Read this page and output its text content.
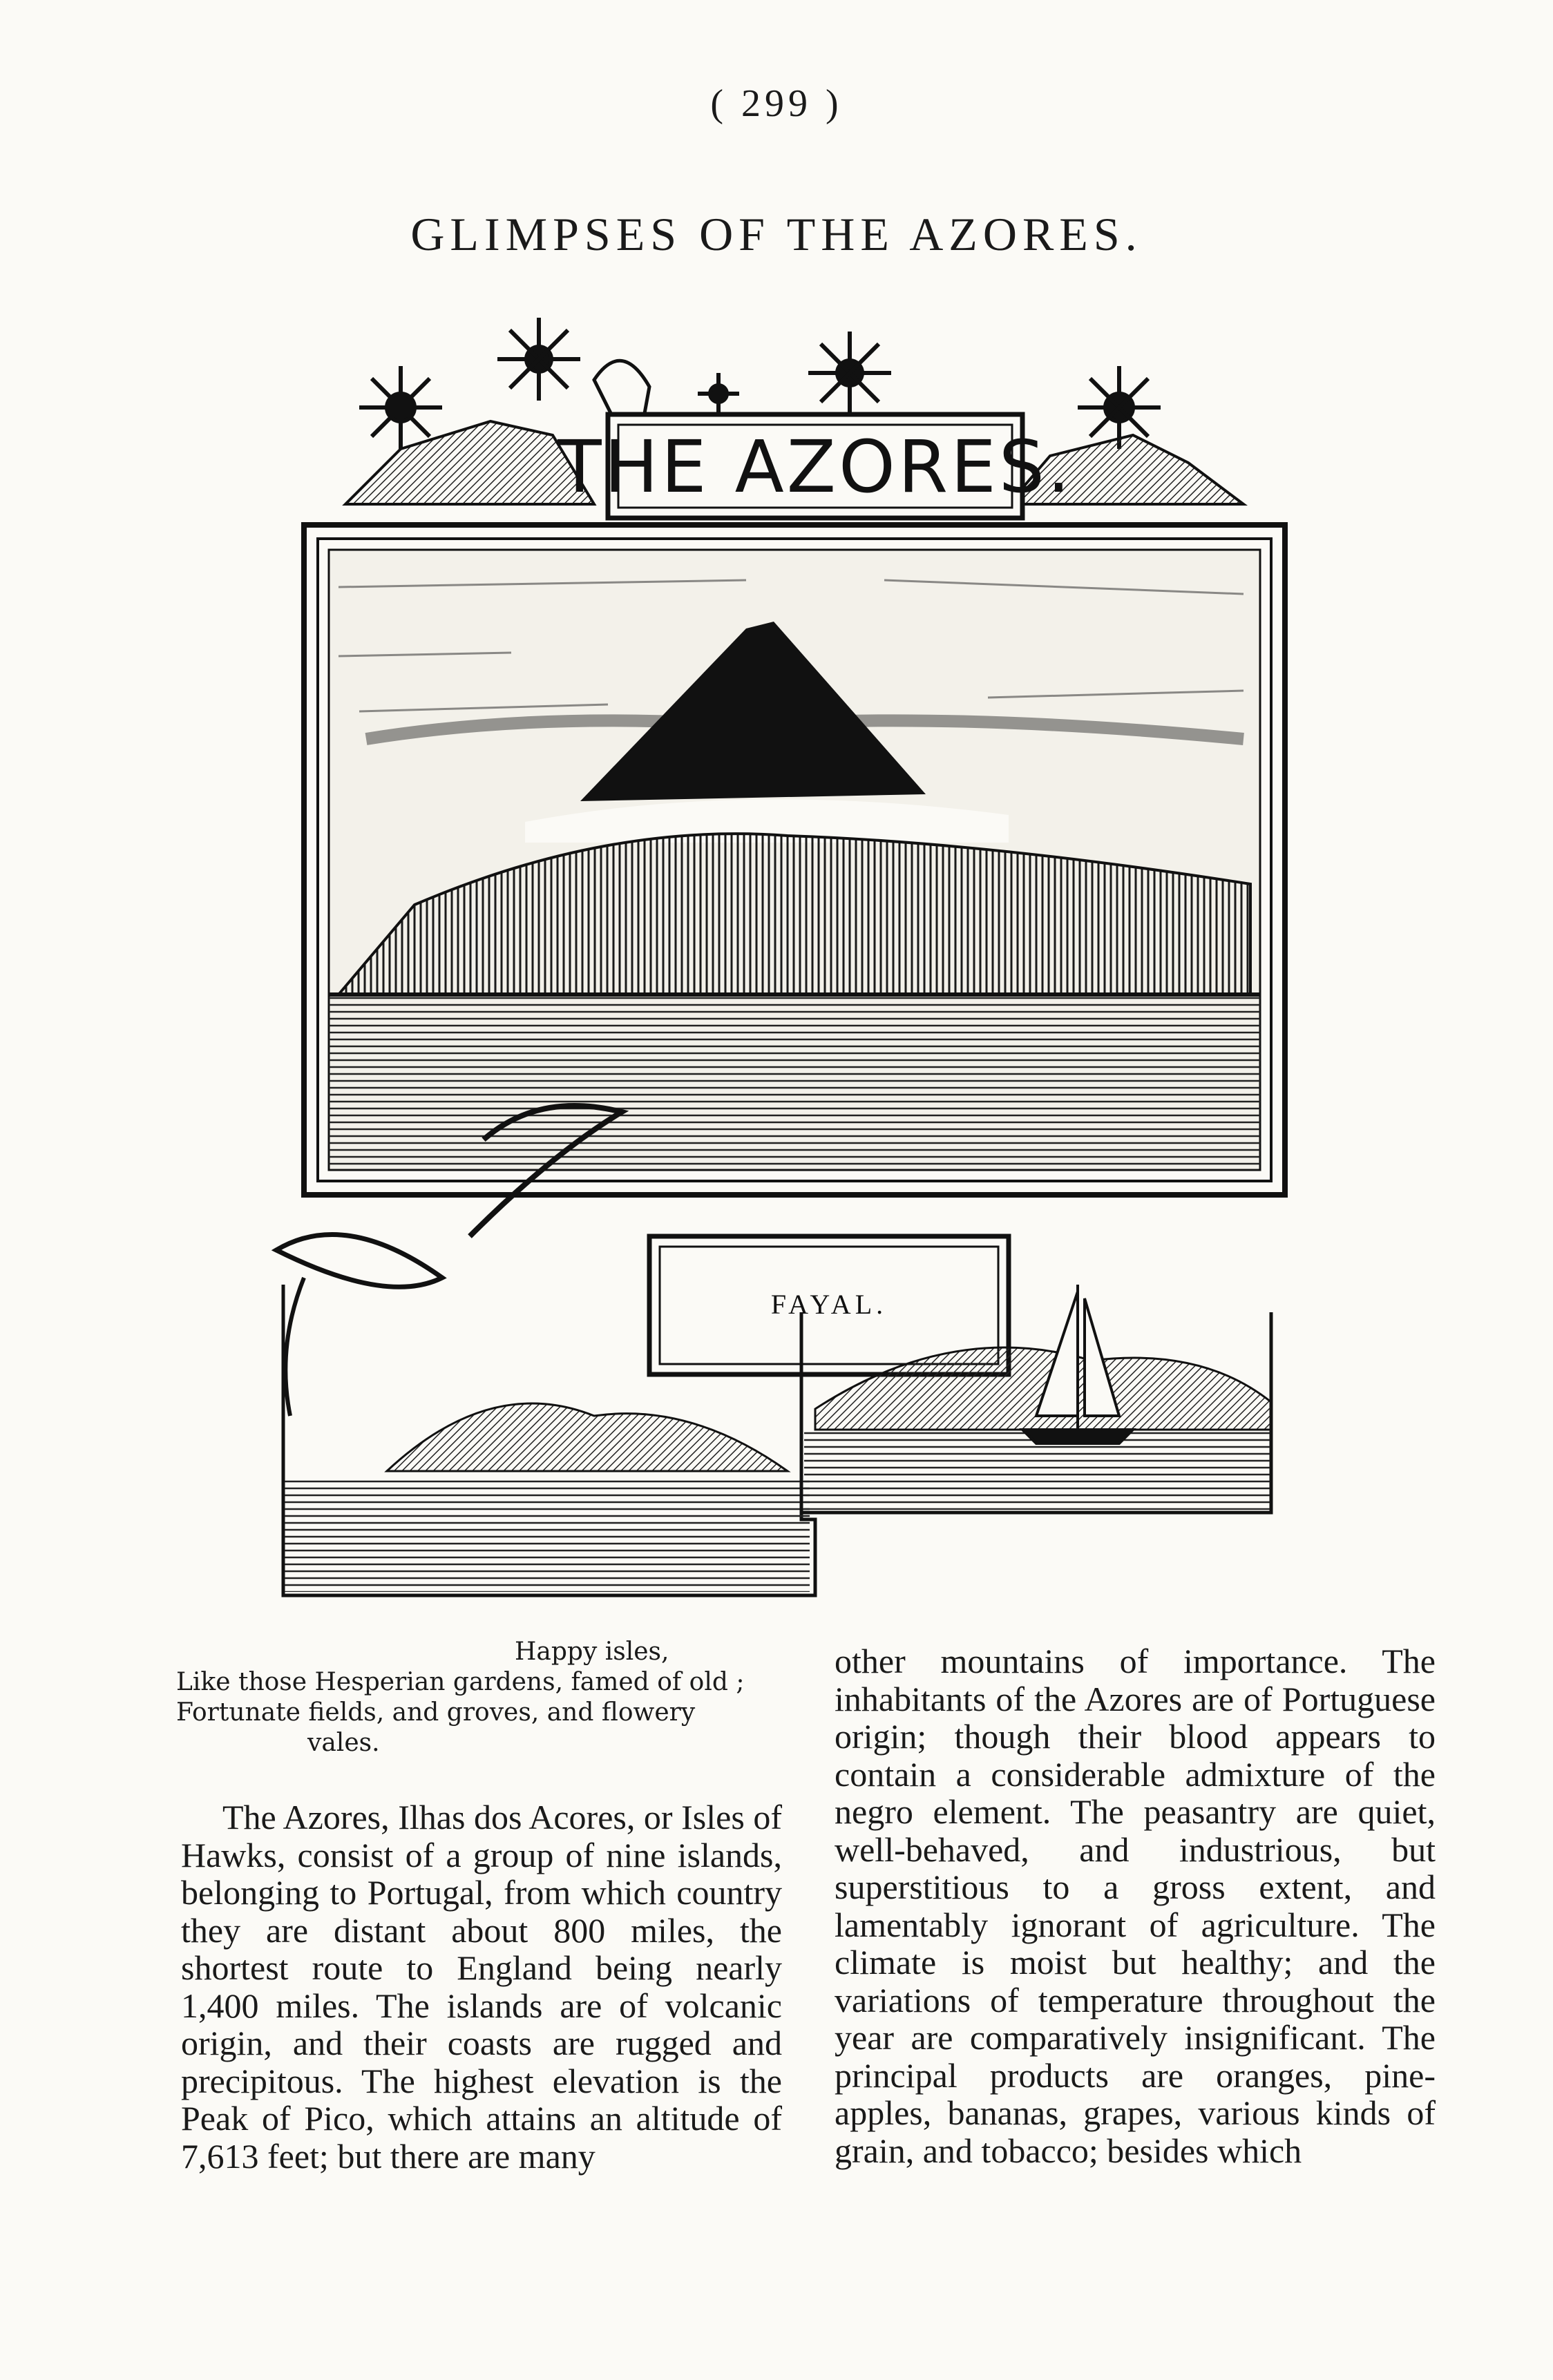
( 299 )
GLIMPSES OF THE AZORES.
THE AZORES.
FAYAL.
Happy isles,
Like those Hesperian gardens, famed of old ;
Fortunate fields, and groves, and flowery
vales.

The Azores, Ilhas dos Acores, or Isles of Hawks, consist of a group of nine islands, belonging to Portugal, from which country they are distant about 800 miles, the shortest route to England being nearly 1,400 miles. The islands are of volcanic origin, and their coasts are rugged and precipitous. The highest elevation is the Peak of Pico, which attains an altitude of 7,613 feet; but there are many

other mountains of importance. The inhabitants of the Azores are of Portuguese origin; though their blood appears to contain a considerable admixture of the negro element. The peasantry are quiet, well-behaved, and industrious, but superstitious to a gross extent, and lamentably ignorant of agriculture. The climate is moist but healthy; and the variations of temperature throughout the year are comparatively insignificant. The principal products are oranges, pine-apples, bananas, grapes, various kinds of grain, and tobacco; besides which
